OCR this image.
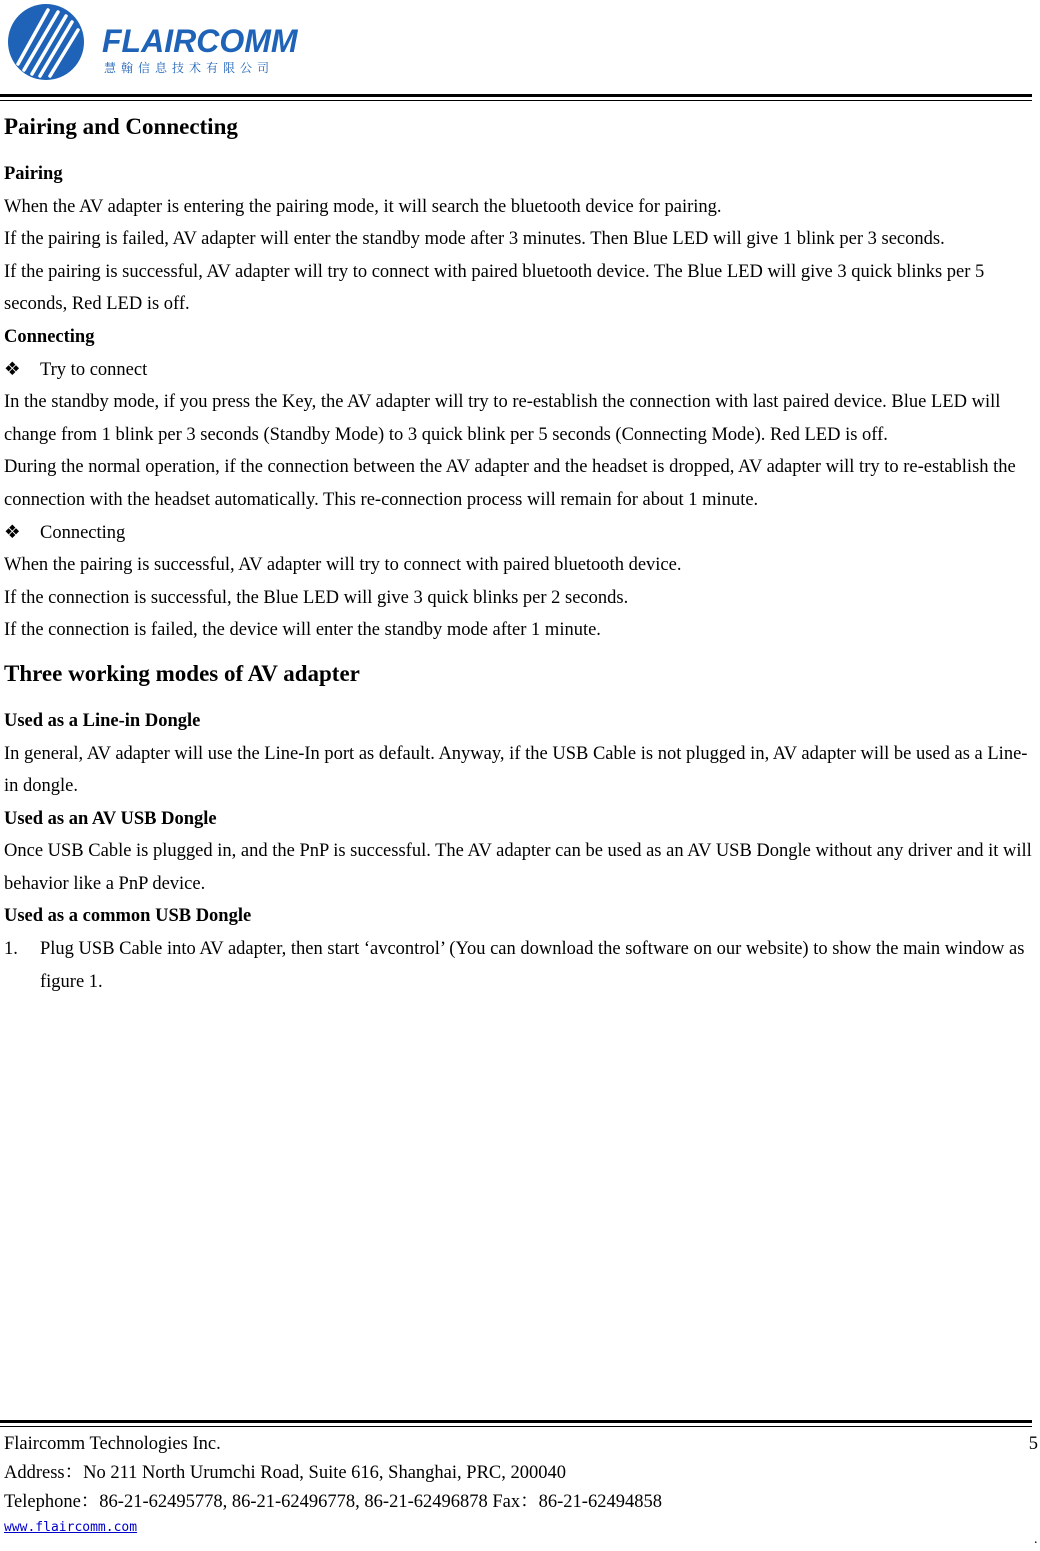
FLAIRCOMM
慧翰信息技术有限公司
Pairing and Connecting

Pairing

When the AV adapter is entering the pairing mode, it will search the bluetooth device for pairing.

If the pairing is failed, AV adapter will enter the standby mode after 3 minutes. Then Blue LED will give 1 blink per 3 seconds.

If the pairing is successful, AV adapter will try to connect with paired bluetooth device. The Blue LED will give 3 quick blinks per 5 seconds, Red LED is off.

Connecting

❖ Try to connect

In the standby mode, if you press the Key, the AV adapter will try to re-establish the connection with last paired device. Blue LED will change from 1 blink per 3 seconds (Standby Mode) to 3 quick blink per 5 seconds (Connecting Mode). Red LED is off.

During the normal operation, if the connection between the AV adapter and the headset is dropped, AV adapter will try to re-establish the connection with the headset automatically. This re-connection process will remain for about 1 minute.

❖ Connecting

When the pairing is successful, AV adapter will try to connect with paired bluetooth device.

If the connection is successful, the Blue LED will give 3 quick blinks per 2 seconds.

If the connection is failed, the device will enter the standby mode after 1 minute.

Three working modes of AV adapter

Used as a Line-in Dongle

In general, AV adapter will use the Line-In port as default. Anyway, if the USB Cable is not plugged in, AV adapter will be used as a Line-in dongle.

Used as an AV USB Dongle

Once USB Cable is plugged in, and the PnP is successful. The AV adapter can be used as an AV USB Dongle without any driver and it will behavior like a PnP device.

Used as a common USB Dongle

1.	Plug USB Cable into AV adapter, then start ‘avcontrol’ (You can download the software on our website) to show the main window as figure 1.

Flaircomm Technologies Inc.	5
Address：No 211 North Urumchi Road, Suite 616, Shanghai, PRC, 200040
Telephone：86-21-62495778, 86-21-62496778, 86-21-62496878 Fax：86-21-62494858
www.flaircomm.com
.
